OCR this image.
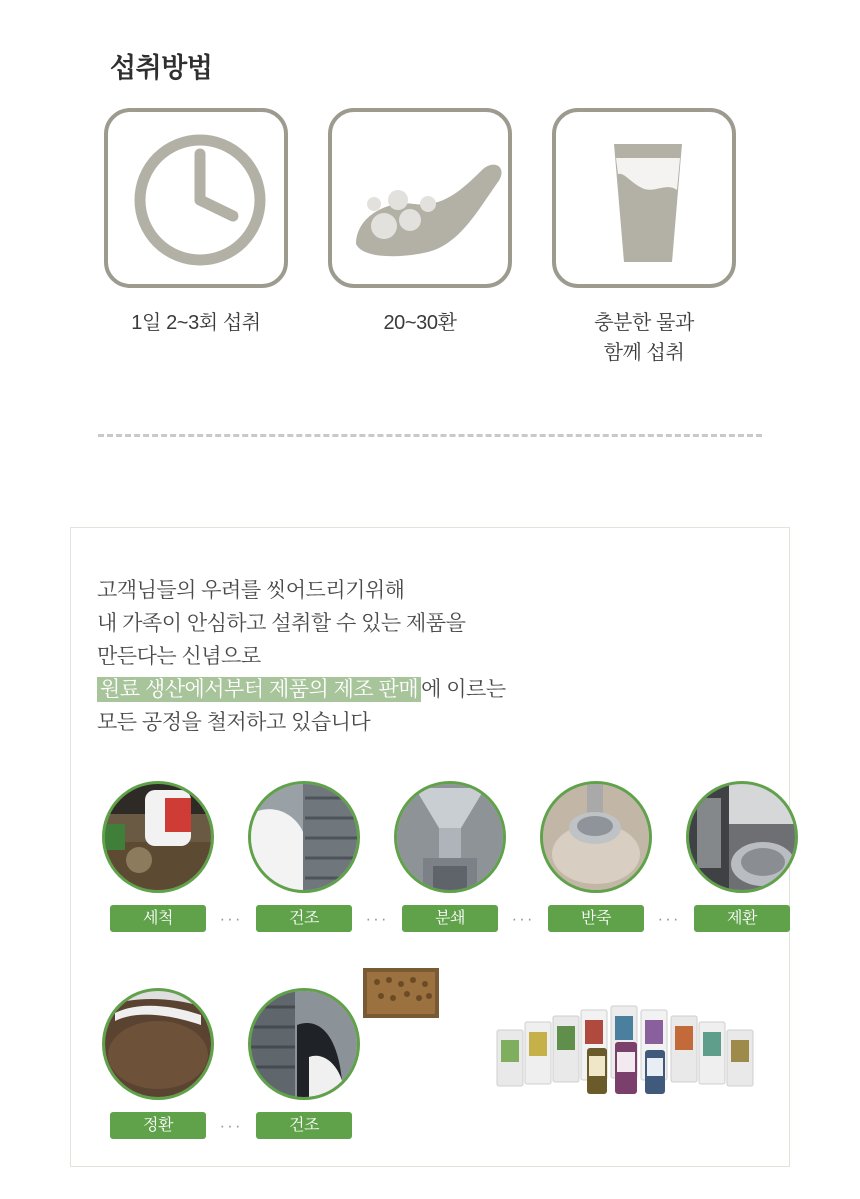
섭취방법
1일 2~3회 섭취	20~30환	충분한 물과
함께 섭취
고객님들의 우려를 씻어드리기위해
내 가족이 안심하고 설취할 수 있는 제품을
만든다는 신념으로
원료 생산에서부터 제품의 제조 판매 에 이르는
모든 공정을 철저하고 있습니다
세척	···	건조	···	분쇄	···	반죽	···	제환
정환	···	건조
